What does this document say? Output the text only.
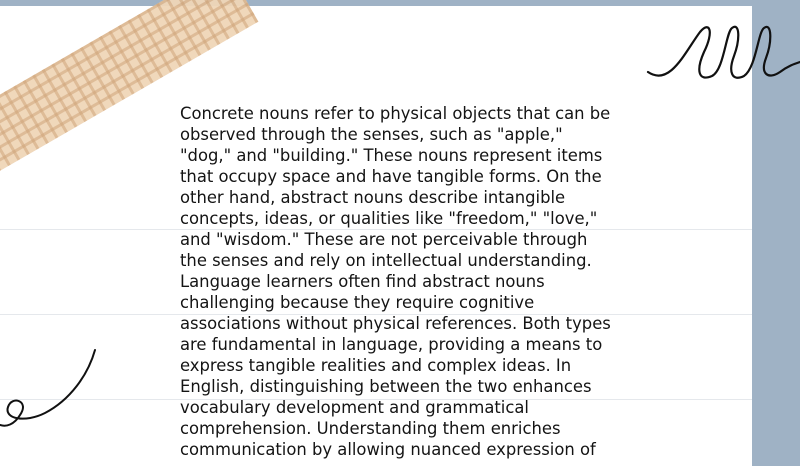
Concrete nouns refer to physical objects that can be observed through the senses, such as "apple," "dog," and "building." These nouns represent items that occupy space and have tangible forms. On the other hand, abstract nouns describe intangible concepts, ideas, or qualities like "freedom," "love," and "wisdom." These are not perceivable through the senses and rely on intellectual understanding. Language learners often find abstract nouns challenging because they require cognitive associations without physical references. Both types are fundamental in language, providing a means to express tangible realities and complex ideas. In English, distinguishing between the two enhances vocabulary development and grammatical comprehension. Understanding them enriches communication by allowing nuanced expression of
